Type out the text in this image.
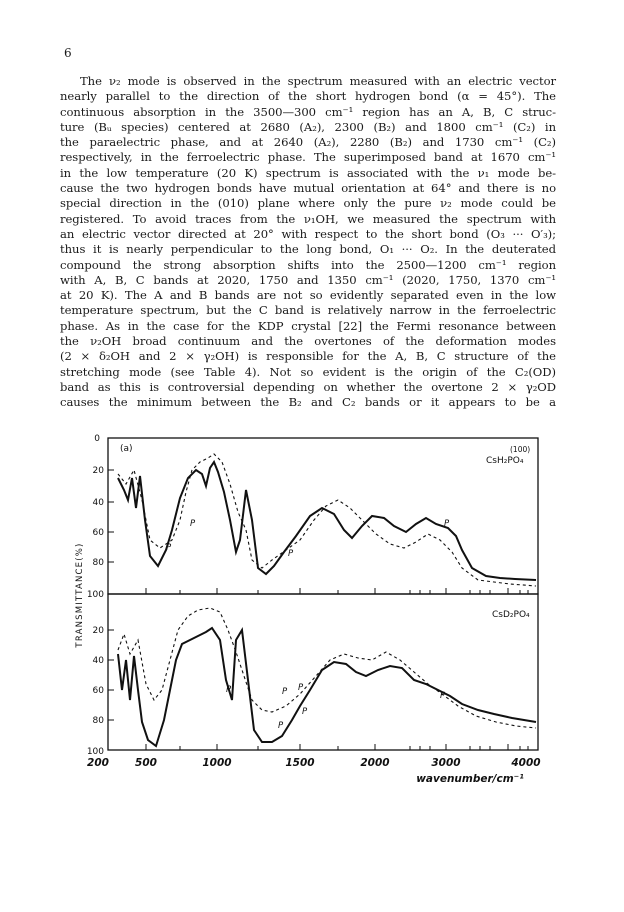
6
The ν₂ mode is observed in the spectrum measured with an electric vector
nearly parallel to the direction of the short hydrogen bond (α = 45°). The
continuous absorption in the 3500—300 cm⁻¹ region has an A, B, C struc-
ture (Bᵤ species) centered at 2680 (A₂), 2300 (B₂) and 1800 cm⁻¹ (C₂) in
the paraelectric phase, and at 2640 (A₂), 2280 (B₂) and 1730 cm⁻¹ (C₂)
respectively, in the ferroelectric phase. The superimposed band at 1670 cm⁻¹
in the low temperature (20 K) spectrum is associated with the ν₁ mode be-
cause the two hydrogen bonds have mutual orientation at 64° and there is no
special direction in the (010) plane where only the pure ν₂ mode could be
registered. To avoid traces from the ν₁OH, we measured the spectrum with
an electric vector directed at 20° with respect to the short bond (O₃ ··· O′₃);
thus it is nearly perpendicular to the long bond, O₁ ··· O₂. In the deuterated
compound the strong absorption shifts into the 2500—1200 cm⁻¹ region
with A, B, C bands at 2020, 1750 and 1350 cm⁻¹ (2020, 1750, 1370 cm⁻¹
at 20 K). The A and B bands are not so evidently separated even in the low
temperature spectrum, but the C band is relatively narrow in the ferroelectric
phase. As in the case for the KDP crystal [22] the Fermi resonance between
the ν₂OH broad continuum and the overtones of the deformation modes
(2 × δ₂OH and 2 × γ₂OH) is responsible for the A, B, C structure of the
stretching mode (see Table 4). Not so evident is the origin of the C₂(OD)
band as this is controversial depending on whether the overtone 2 × γ₂OD
causes the minimum between the B₂ and C₂ bands or it appears to be a
0
20
40
60
80
100
20
40
60
80
100
200 500	1000	1500	2000	3000	4000
wavenumber/cm⁻¹
TRANSMITTANCE(%)
(a)
CsH₂PO₄
(100)
CsD₂PO₄
P
P
P
P
P	P P
P
P
P
